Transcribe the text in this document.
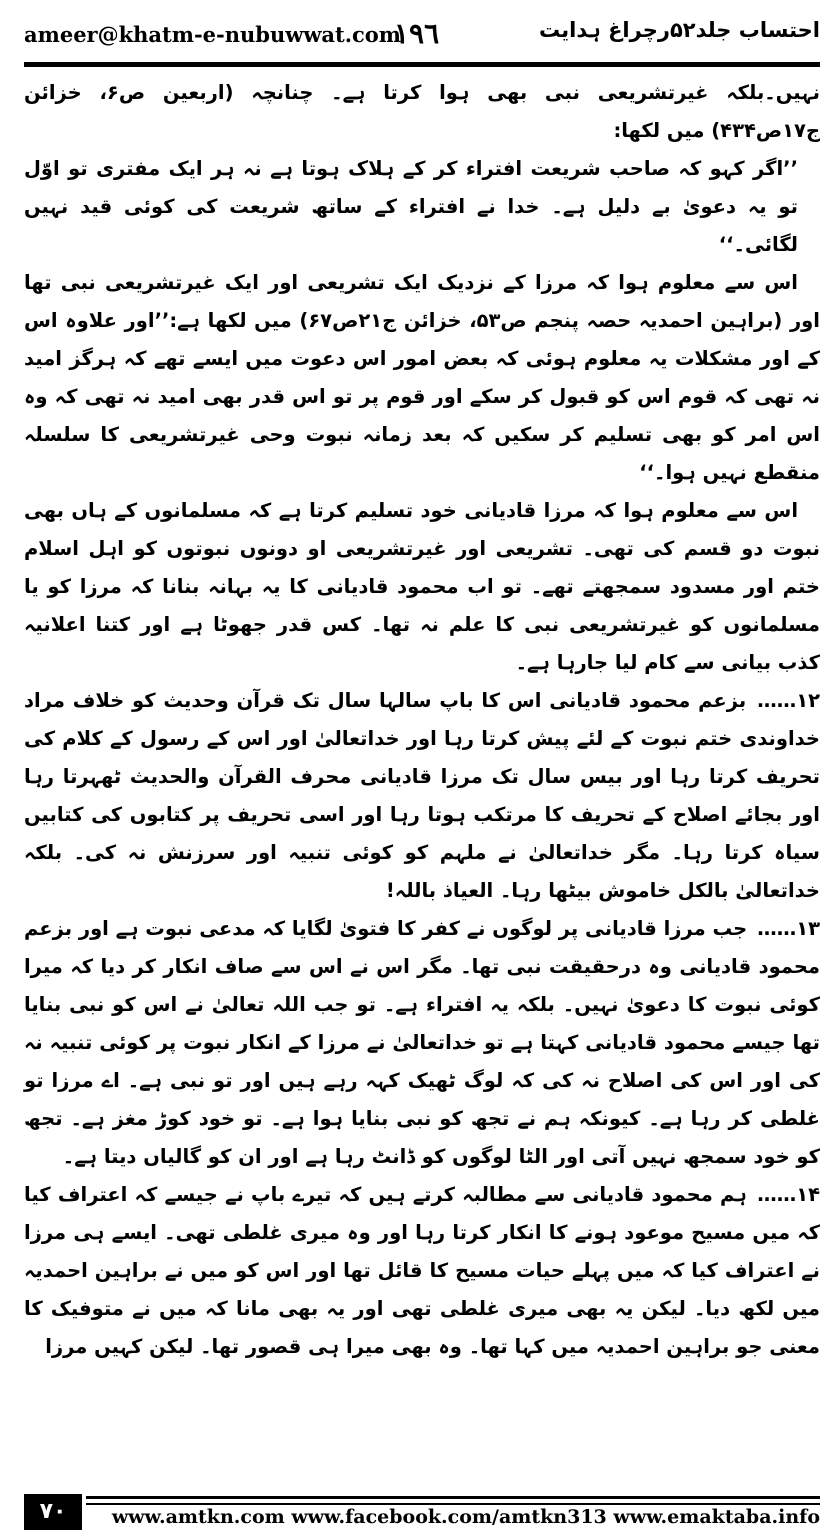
ameer@khatm-e-nubuwwat.com
١٩٦	احتساب جلد۵۲رچراغ ہدایت

نہیں۔بلکہ غیرتشریعی نبی بھی ہوا کرتا ہے۔ چنانچہ (اربعین ص۶، خزائن ج۱۷ص۴۳۴) میں لکھا:

’’اگر کہو کہ صاحب شریعت افتراء کر کے ہلاک ہوتا ہے نہ ہر ایک مفتری تو اوّل تو یہ دعویٰ بے دلیل ہے۔ خدا نے افتراء کے ساتھ شریعت کی کوئی قید نہیں لگائی۔‘‘

اس سے معلوم ہوا کہ مرزا کے نزدیک ایک تشریعی اور ایک غیرتشریعی نبی تھا اور (براہین احمدیہ حصہ پنجم ص۵۳، خزائن ج۲۱ص۶۷) میں لکھا ہے:’’اور علاوہ اس کے اور مشکلات یہ معلوم ہوئی کہ بعض امور اس دعوت میں ایسے تھے کہ ہرگز امید نہ تھی کہ قوم اس کو قبول کر سکے اور قوم پر تو اس قدر بھی امید نہ تھی کہ وہ اس امر کو بھی تسلیم کر سکیں کہ بعد زمانہ نبوت وحی غیرتشریعی کا سلسلہ منقطع نہیں ہوا۔‘‘

اس سے معلوم ہوا کہ مرزا قادیانی خود تسلیم کرتا ہے کہ مسلمانوں کے ہاں بھی نبوت دو قسم کی تھی۔ تشریعی اور غیرتشریعی او دونوں نبوتوں کو اہل اسلام ختم اور مسدود سمجھتے تھے۔ تو اب محمود قادیانی کا یہ بہانہ بنانا کہ مرزا کو یا مسلمانوں کو غیرتشریعی نبی کا علم نہ تھا۔ کس قدر جھوٹا ہے اور کتنا اعلانیہ کذب بیانی سے کام لیا جارہا ہے۔

۱۲…… بزعم محمود قادیانی اس کا باپ سالہا سال تک قرآن وحدیث کو خلاف مراد خداوندی ختم نبوت کے لئے پیش کرتا رہا اور خداتعالیٰ اور اس کے رسول کے کلام کی تحریف کرتا رہا اور بیس سال تک مرزا قادیانی محرف القرآن والحدیث ٹھہرتا رہا اور بجائے اصلاح کے تحریف کا مرتکب ہوتا رہا اور اسی تحریف پر کتابوں کی کتابیں سیاہ کرتا رہا۔ مگر خداتعالیٰ نے ملہم کو کوئی تنبیہ اور سرزنش نہ کی۔ بلکہ خداتعالیٰ بالکل خاموش بیٹھا رہا۔ العیاذ باللہ!

۱۳…… جب مرزا قادیانی پر لوگوں نے کفر کا فتویٰ لگایا کہ مدعی نبوت ہے اور بزعم محمود قادیانی وہ درحقیقت نبی تھا۔ مگر اس نے اس سے صاف انکار کر دیا کہ میرا کوئی نبوت کا دعویٰ نہیں۔ بلکہ یہ افتراء ہے۔ تو جب اللہ تعالیٰ نے اس کو نبی بنایا تھا جیسے محمود قادیانی کہتا ہے تو خداتعالیٰ نے مرزا کے انکار نبوت پر کوئی تنبیہ نہ کی اور اس کی اصلاح نہ کی کہ لوگ ٹھیک کہہ رہے ہیں اور تو نبی ہے۔ اے مرزا تو غلطی کر رہا ہے۔ کیونکہ ہم نے تجھ کو نبی بنایا ہوا ہے۔ تو خود کوڑ مغز ہے۔ تجھ کو خود سمجھ نہیں آتی اور الٹا لوگوں کو ڈانٹ رہا ہے اور ان کو گالیاں دیتا ہے۔

۱۴…… ہم محمود قادیانی سے مطالبہ کرتے ہیں کہ تیرے باپ نے جیسے کہ اعتراف کیا کہ میں مسیح موعود ہونے کا انکار کرتا رہا اور وہ میری غلطی تھی۔ ایسے ہی مرزا نے اعتراف کیا کہ میں پہلے حیات مسیح کا قائل تھا اور اس کو میں نے براہین احمدیہ میں لکھ دیا۔ لیکن یہ بھی میری غلطی تھی اور یہ بھی مانا کہ میں نے متوفیک کا معنی جو براہین احمدیہ میں کہا تھا۔ وہ بھی میرا ہی قصور تھا۔ لیکن کہیں مرزا

٧٠	www.amtkn.com www.facebook.com/amtkn313 www.emaktaba.info
